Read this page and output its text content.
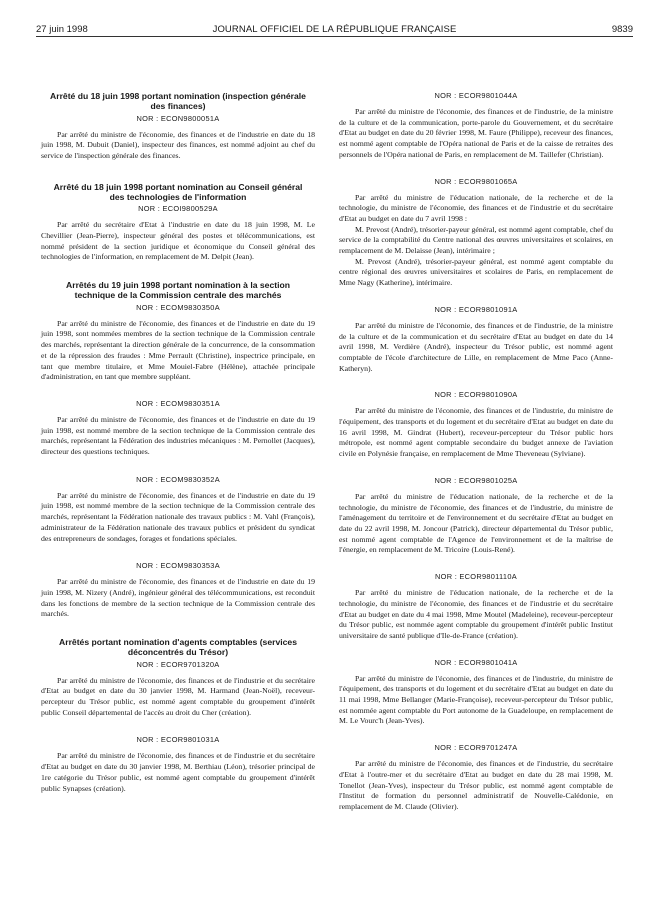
27 juin 1998	JOURNAL OFFICIEL DE LA RÉPUBLIQUE FRANÇAISE	9839

Arrêté du 18 juin 1998 portant nomination (inspection générale des finances)

NOR : ECON9800051A

Par arrêté du ministre de l'économie, des finances et de l'industrie en date du 18 juin 1998, M. Dubuit (Daniel), inspecteur des finances, est nommé adjoint au chef du service de l'inspection générale des finances.

Arrêté du 18 juin 1998 portant nomination au Conseil général des technologies de l'information

NOR : ECOI9800529A

Par arrêté du secrétaire d'Etat à l'industrie en date du 18 juin 1998, M. Le Chevillier (Jean-Pierre), inspecteur général des postes et télécommunications, est nommé président de la section juridique et économique du Conseil général des technologies de l'information, en remplacement de M. Delpit (Jean).

Arrêtés du 19 juin 1998 portant nomination à la section technique de la Commission centrale des marchés

NOR : ECOM9830350A

Par arrêté du ministre de l'économie, des finances et de l'industrie en date du 19 juin 1998, sont nommées membres de la section technique de la Commission centrale des marchés, représentant la direction générale de la concurrence, de la consommation et de la répression des fraudes : Mme Perrault (Christine), inspectrice principale, en tant que membre titulaire, et Mme Mouiel-Fabre (Hélène), attachée principale d'administration, en tant que membre suppléant.

NOR : ECOM9830351A

Par arrêté du ministre de l'économie, des finances et de l'industrie en date du 19 juin 1998, est nommé membre de la section technique de la Commission centrale des marchés, représentant la Fédération des industries mécaniques : M. Pernollet (Jacques), directeur des questions techniques.

NOR : ECOM9830352A

Par arrêté du ministre de l'économie, des finances et de l'industrie en date du 19 juin 1998, est nommé membre de la section technique de la Commission centrale des marchés, représentant la Fédération nationale des travaux publics : M. Vahl (François), administrateur de la Fédération nationale des travaux publics et président du syndicat des entrepreneurs de sondages, forages et fondations spéciales.

NOR : ECOM9830353A

Par arrêté du ministre de l'économie, des finances et de l'industrie en date du 19 juin 1998, M. Nizery (André), ingénieur général des télécommunications, est reconduit dans les fonctions de membre de la section technique de la Commission centrale des marchés.

Arrêtés portant nomination d'agents comptables (services déconcentrés du Trésor)

NOR : ECOR9701320A

Par arrêté du ministre de l'économie, des finances et de l'industrie et du secrétaire d'Etat au budget en date du 30 janvier 1998, M. Harmand (Jean-Noël), receveur-percepteur du Trésor public, est nommé agent comptable du groupement d'intérêt public Conseil départemental de l'accès au droit du Cher (création).

NOR : ECOR9801031A

Par arrêté du ministre de l'économie, des finances et de l'industrie et du secrétaire d'Etat au budget en date du 30 janvier 1998, M. Berthiau (Léon), trésorier principal de 1re catégorie du Trésor public, est nommé agent comptable du groupement d'intérêt public Synapses (création).

NOR : ECOR9801044A

Par arrêté du ministre de l'économie, des finances et de l'industrie, de la ministre de la culture et de la communication, porte-parole du Gouvernement, et du secrétaire d'Etat au budget en date du 20 février 1998, M. Faure (Philippe), receveur des finances, est nommé agent comptable de l'Opéra national de Paris et de la caisse de retraites des personnels de l'Opéra national de Paris, en remplacement de M. Taillefer (Christian).

NOR : ECOR9801065A

Par arrêté du ministre de l'éducation nationale, de la recherche et de la technologie, du ministre de l'économie, des finances et de l'industrie et du secrétaire d'Etat au budget en date du 7 avril 1998 :

M. Prevost (André), trésorier-payeur général, est nommé agent comptable, chef du service de la comptabilité du Centre national des œuvres universitaires et scolaires, en remplacement de M. Delaisse (Jean), intérimaire ;

M. Prevost (André), trésorier-payeur général, est nommé agent comptable du centre régional des œuvres universitaires et scolaires de Paris, en remplacement de Mme Nagy (Katherine), intérimaire.

NOR : ECOR9801091A

Par arrêté du ministre de l'économie, des finances et de l'industrie, de la ministre de la culture et de la communication et du secrétaire d'Etat au budget en date du 14 avril 1998, M. Verdière (André), inspecteur du Trésor public, est nommé agent comptable de l'école d'architecture de Lille, en remplacement de Mme Paco (Anne-Katheryn).

NOR : ECOR9801090A

Par arrêté du ministre de l'économie, des finances et de l'industrie, du ministre de l'équipement, des transports et du logement et du secrétaire d'Etat au budget en date du 16 avril 1998, M. Gindrat (Hubert), receveur-percepteur du Trésor public hors métropole, est nommé agent comptable secondaire du budget annexe de l'aviation civile en Polynésie française, en remplacement de Mme Theveneau (Sylviane).

NOR : ECOR9801025A

Par arrêté du ministre de l'éducation nationale, de la recherche et de la technologie, du ministre de l'économie, des finances et de l'industrie, du ministre de l'aménagement du territoire et de l'environnement et du secrétaire d'Etat au budget en date du 22 avril 1998, M. Joncour (Patrick), directeur départemental du Trésor public, est nommé agent comptable de l'Agence de l'environnement et de la maîtrise de l'énergie, en remplacement de M. Tricoire (Louis-René).

NOR : ECOR9801110A

Par arrêté du ministre de l'éducation nationale, de la recherche et de la technologie, du ministre de l'économie, des finances et de l'industrie et du secrétaire d'Etat au budget en date du 4 mai 1998, Mme Moutel (Madeleine), receveur-percepteur du Trésor public, est nommée agent comptable du groupement d'intérêt public Institut universitaire de santé publique d'Ile-de-France (création).

NOR : ECOR9801041A

Par arrêté du ministre de l'économie, des finances et de l'industrie, du ministre de l'équipement, des transports et du logement et du secrétaire d'Etat au budget en date du 11 mai 1998, Mme Bellanger (Marie-Françoise), receveur-percepteur du Trésor public, est nommée agent comptable du Port autonome de la Guadeloupe, en remplacement de M. Le Vourc'h (Jean-Yves).

NOR : ECOR9701247A

Par arrêté du ministre de l'économie, des finances et de l'industrie, du secrétaire d'Etat à l'outre-mer et du secrétaire d'Etat au budget en date du 28 mai 1998, M. Tonellot (Jean-Yves), inspecteur du Trésor public, est nommé agent comptable de l'Institut de formation du personnel administratif de Nouvelle-Calédonie, en remplacement de M. Claude (Olivier).
